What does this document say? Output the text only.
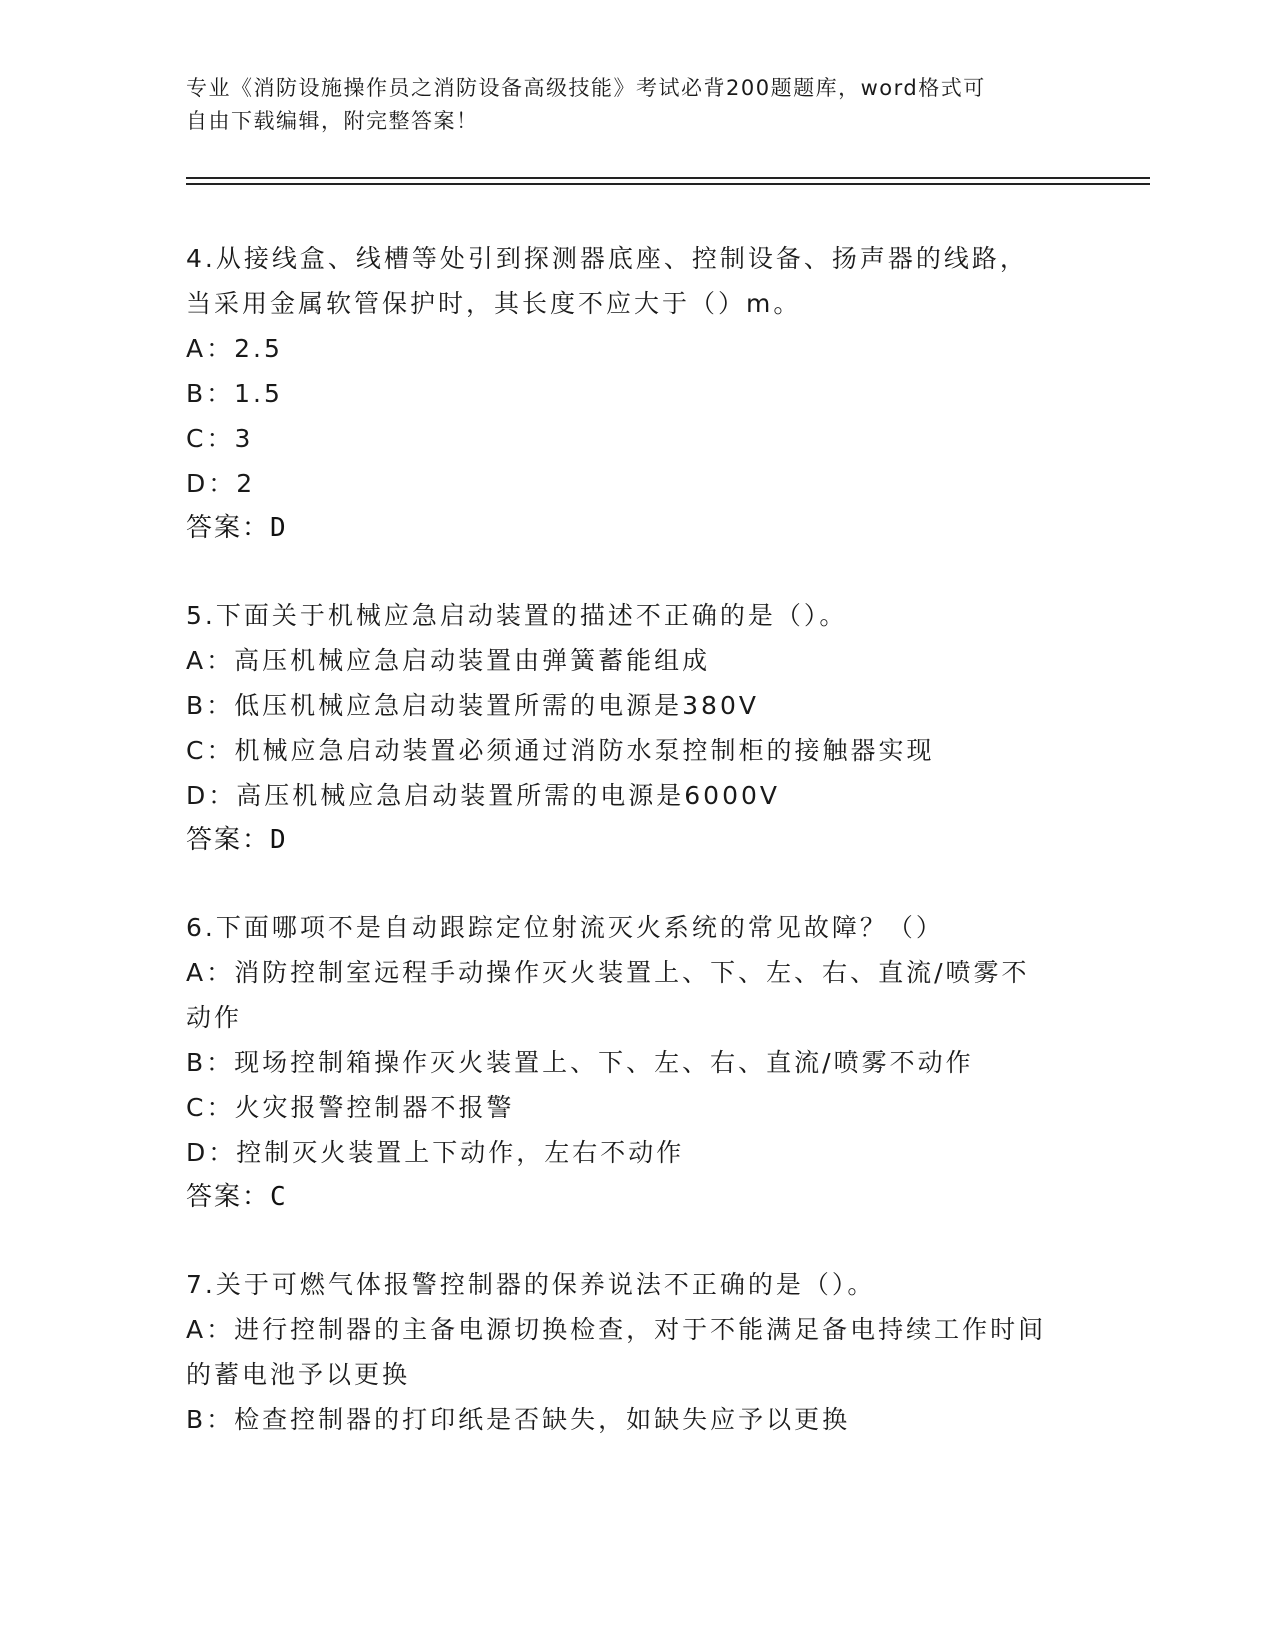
专业《消防设施操作员之消防设备高级技能》考试必背200题题库，word格式可
自由下载编辑，附完整答案！
4.从接线盒、线槽等处引到探测器底座、控制设备、扬声器的线路，
当采用金属软管保护时，其长度不应大于（）m。
A：2.5
B：1.5
C：3
D：2
答案：D
5.下面关于机械应急启动装置的描述不正确的是（）。
A：高压机械应急启动装置由弹簧蓄能组成
B：低压机械应急启动装置所需的电源是380V
C：机械应急启动装置必须通过消防水泵控制柜的接触器实现
D：高压机械应急启动装置所需的电源是6000V
答案：D
6.下面哪项不是自动跟踪定位射流灭火系统的常见故障？（）
A：消防控制室远程手动操作灭火装置上、下、左、右、直流/喷雾不
动作
B：现场控制箱操作灭火装置上、下、左、右、直流/喷雾不动作
C：火灾报警控制器不报警
D：控制灭火装置上下动作，左右不动作
答案：C
7.关于可燃气体报警控制器的保养说法不正确的是（）。
A：进行控制器的主备电源切换检查，对于不能满足备电持续工作时间
的蓄电池予以更换
B：检查控制器的打印纸是否缺失，如缺失应予以更换
